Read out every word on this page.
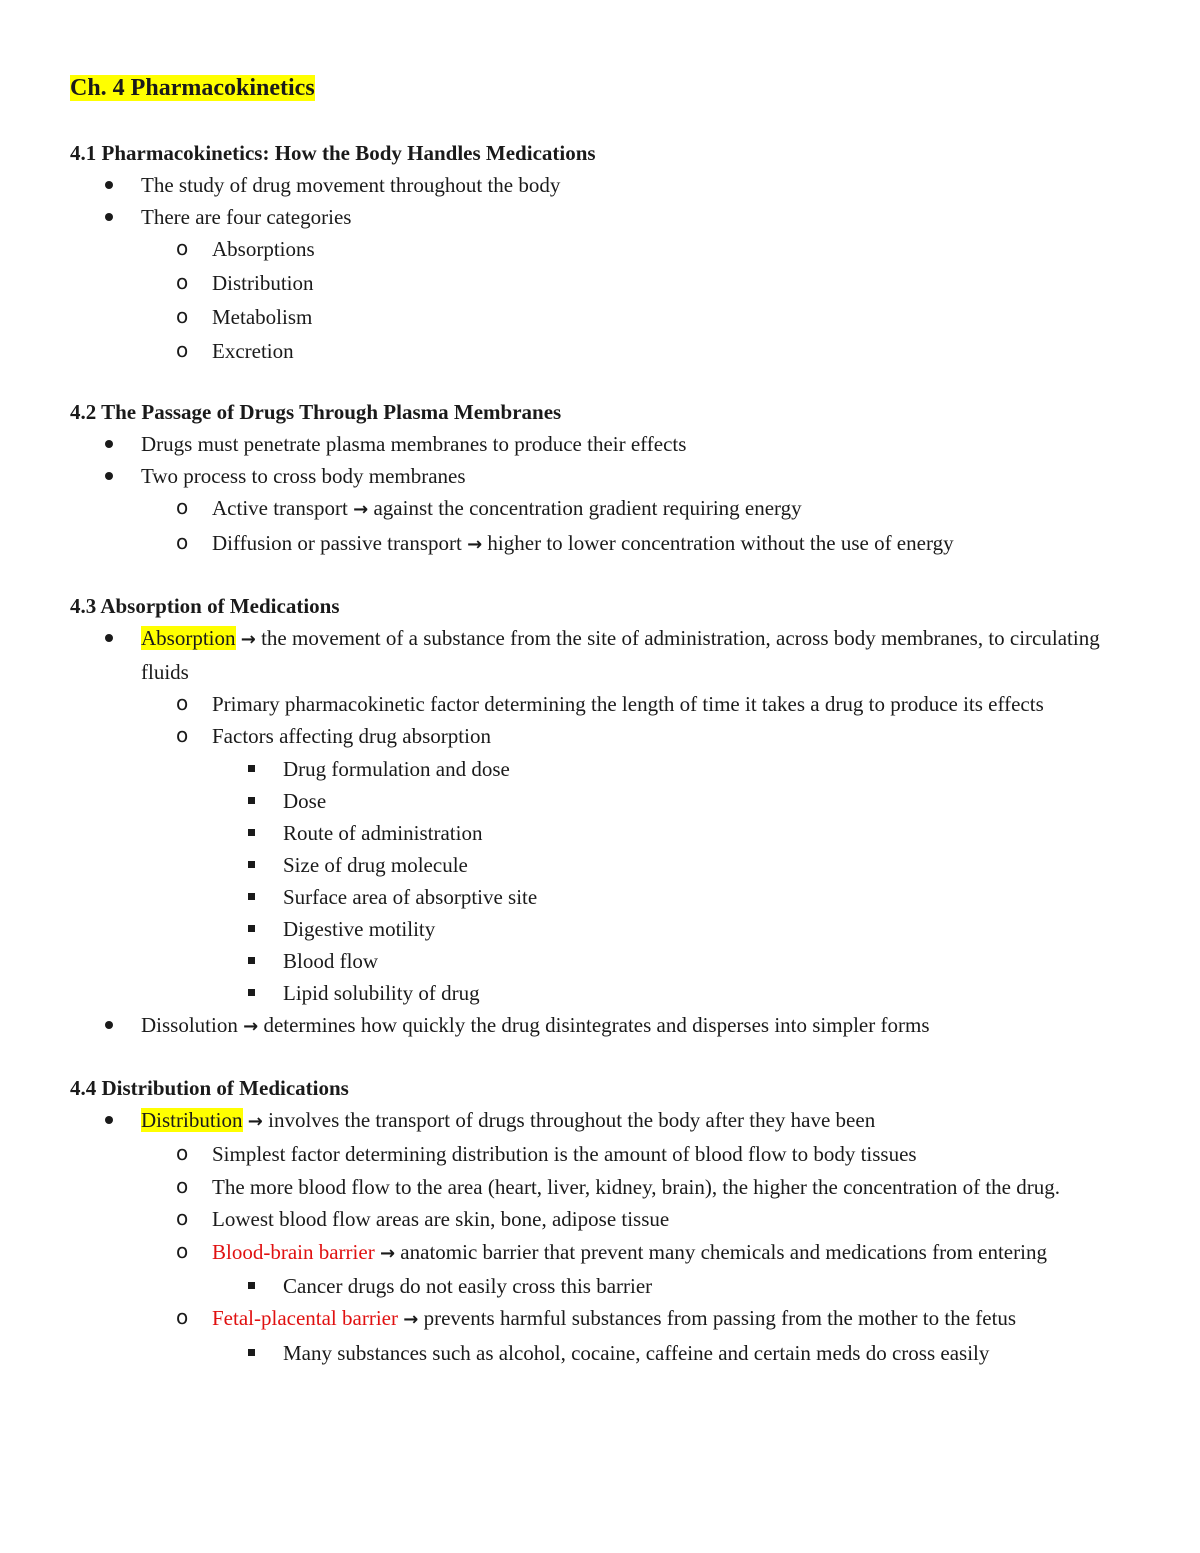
Ch. 4 Pharmacokinetics

4.1 Pharmacokinetics: How the Body Handles Medications

The study of drug movement throughout the body
There are four categories
o Absorptions
o Distribution
o Metabolism
o Excretion

4.2 The Passage of Drugs Through Plasma Membranes

Drugs must penetrate plasma membranes to produce their effects
Two process to cross body membranes
o Active transport → against the concentration gradient requiring energy
o Diffusion or passive transport → higher to lower concentration without the use of energy

4.3 Absorption of Medications

Absorption → the movement of a substance from the site of administration, across body membranes, to circulating fluids
o Primary pharmacokinetic factor determining the length of time it takes a drug to produce its effects
o Factors affecting drug absorption
Drug formulation and dose
Dose
Route of administration
Size of drug molecule
Surface area of absorptive site
Digestive motility
Blood flow
Lipid solubility of drug
Dissolution → determines how quickly the drug disintegrates and disperses into simpler forms

4.4 Distribution of Medications

Distribution → involves the transport of drugs throughout the body after they have been
o Simplest factor determining distribution is the amount of blood flow to body tissues
o The more blood flow to the area (heart, liver, kidney, brain), the higher the concentration of the drug.
o Lowest blood flow areas are skin, bone, adipose tissue
o Blood-brain barrier → anatomic barrier that prevent many chemicals and medications from entering
Cancer drugs do not easily cross this barrier
o Fetal-placental barrier → prevents harmful substances from passing from the mother to the fetus
Many substances such as alcohol, cocaine, caffeine and certain meds do cross easily
